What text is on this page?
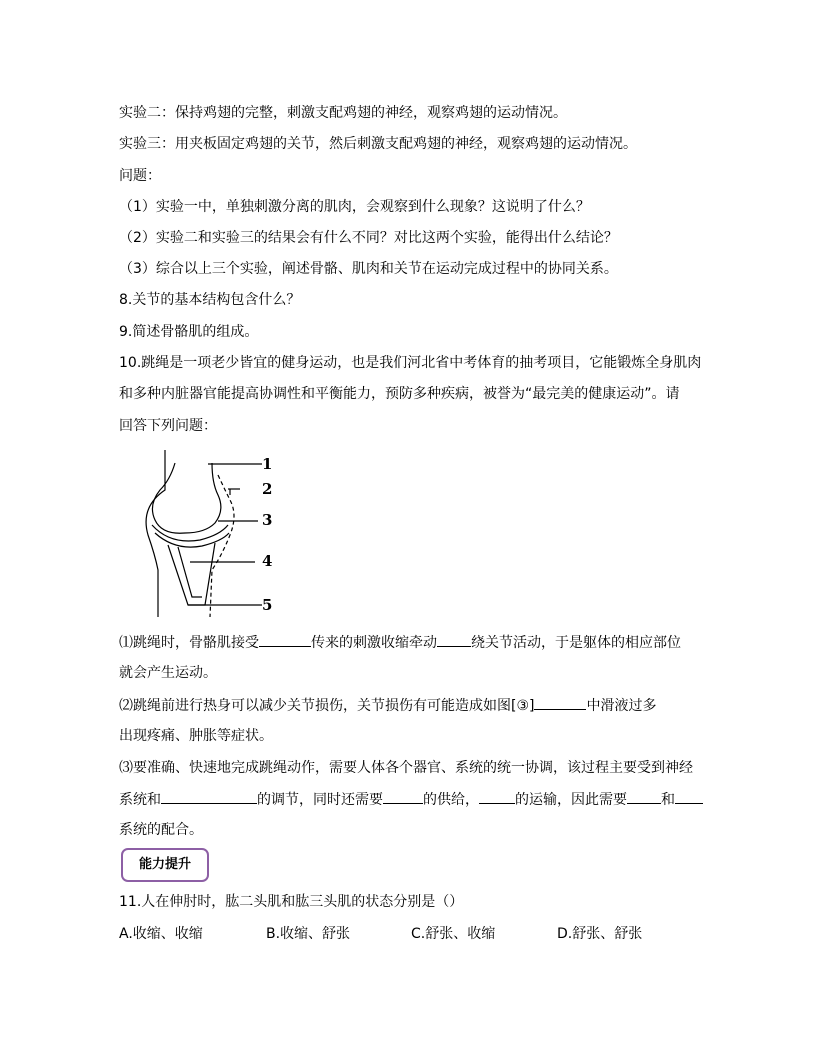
实验二：保持鸡翅的完整，刺激支配鸡翅的神经，观察鸡翅的运动情况。
实验三：用夹板固定鸡翅的关节，然后刺激支配鸡翅的神经，观察鸡翅的运动情况。
问题：
（1）实验一中，单独刺激分离的肌肉，会观察到什么现象？这说明了什么？
（2）实验二和实验三的结果会有什么不同？对比这两个实验，能得出什么结论？
（3）综合以上三个实验，阐述骨骼、肌肉和关节在运动完成过程中的协同关系。
8.关节的基本结构包含什么？
9.简述骨骼肌的组成。
10.跳绳是一项老少皆宜的健身运动，也是我们河北省中考体育的抽考项目，它能锻炼全身肌肉
和多种内脏器官能提高协调性和平衡能力，预防多种疾病，被誉为“最完美的健康运动”。请
回答下列问题：
1
2
3
4
5
⑴跳绳时，骨骼肌接受	传来的刺激收缩牵动 绕关节活动，于是躯体的相应部位
就会产生运动。
⑵跳绳前进行热身可以减少关节损伤，关节损伤有可能造成如图[③]	中滑液过多
出现疼痛、肿胀等症状。
⑶要准确、快速地完成跳绳动作，需要人体各个器官、系统的统一协调，该过程主要受到神经
系统和	的调节，同时还需要	的供给，	的运输，因此需要 和
系统的配合。
能力提升
11.人在伸肘时，肱二头肌和肱三头肌的状态分别是（）
A.收缩、收缩	B.收缩、舒张	C.舒张、收缩	D.舒张、舒张
